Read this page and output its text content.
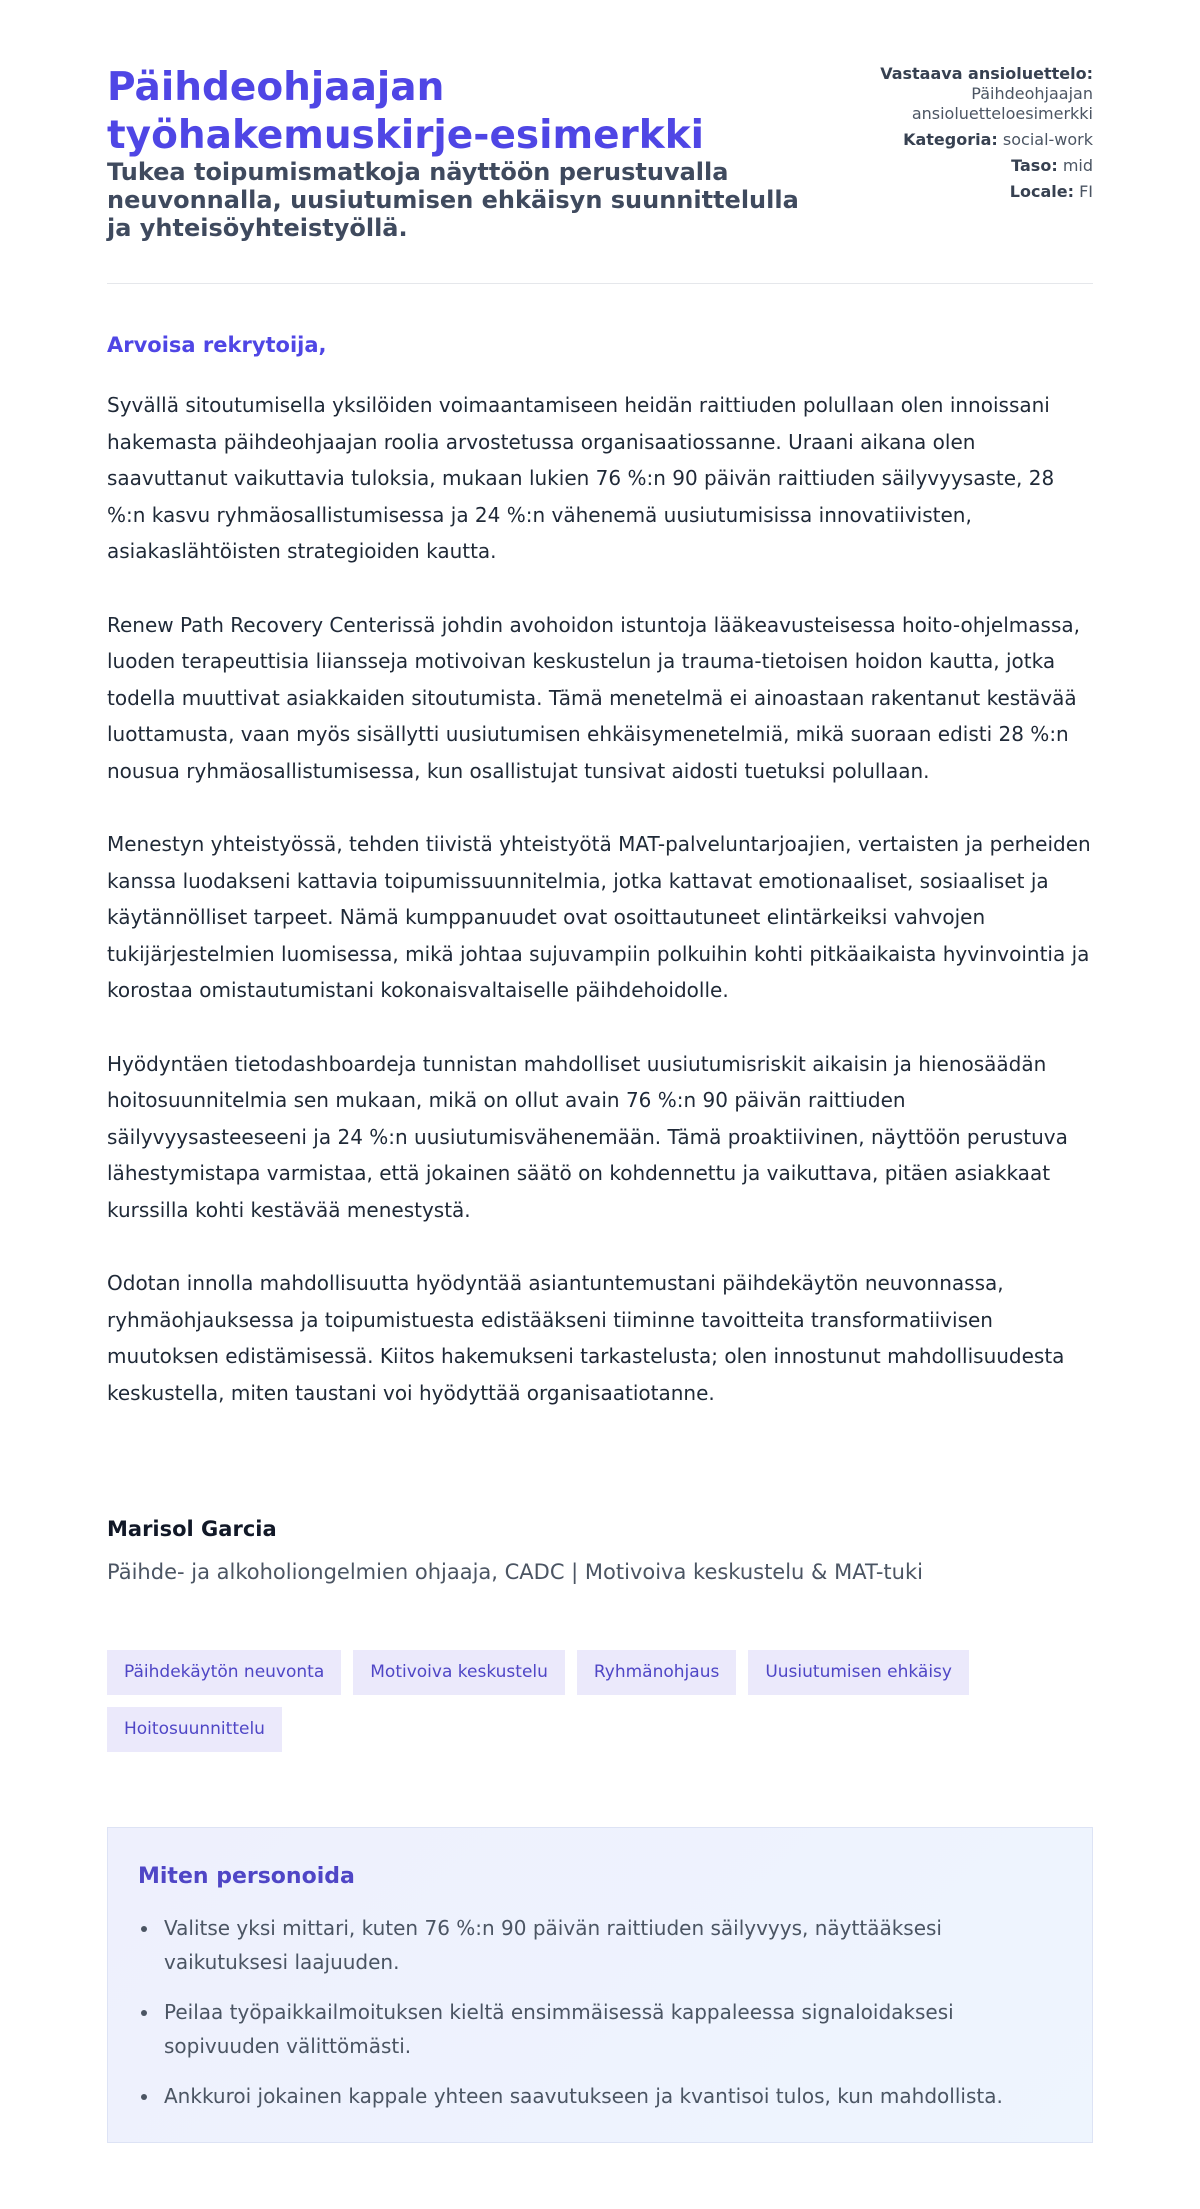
Päihdeohjaajan työhakemuskirje-esimerkki
Tukea toipumismatkoja näyttöön perustuvalla neuvonnalla, uusiutumisen ehkäisyn suunnittelulla ja yhteisöyhteistyöllä.
Vastaava ansioluettelo:
Päihdeohjaajan ansioluetteloesimerkki
Kategoria: social-work
Taso: mid
Locale: FI
Arvoisa rekrytoija,

Syvällä sitoutumisella yksilöiden voimaantamiseen heidän raittiuden polullaan olen innoissani hakemasta päihdeohjaajan roolia arvostetussa organisaatiossanne. Uraani aikana olen saavuttanut vaikuttavia tuloksia, mukaan lukien 76 %:n 90 päivän raittiuden säilyvyysaste, 28 %:n kasvu ryhmäosallistumisessa ja 24 %:n vähenemä uusiutumisissa innovatiivisten, asiakaslähtöisten strategioiden kautta.

Renew Path Recovery Centerissä johdin avohoidon istuntoja lääkeavusteisessa hoito-ohjelmassa, luoden terapeuttisia liiansseja motivoivan keskustelun ja trauma-tietoisen hoidon kautta, jotka todella muuttivat asiakkaiden sitoutumista. Tämä menetelmä ei ainoastaan rakentanut kestävää luottamusta, vaan myös sisällytti uusiutumisen ehkäisymenetelmiä, mikä suoraan edisti 28 %:n nousua ryhmäosallistumisessa, kun osallistujat tunsivat aidosti tuetuksi polullaan.

Menestyn yhteistyössä, tehden tiivistä yhteistyötä MAT-palveluntarjoajien, vertaisten ja perheiden kanssa luodakseni kattavia toipumissuunnitelmia, jotka kattavat emotionaaliset, sosiaaliset ja käytännölliset tarpeet. Nämä kumppanuudet ovat osoittautuneet elintärkeiksi vahvojen tukijärjestelmien luomisessa, mikä johtaa sujuvampiin polkuihin kohti pitkäaikaista hyvinvointia ja korostaa omistautumistani kokonaisvaltaiselle päihdehoidolle.

Hyödyntäen tietodashboardeja tunnistan mahdolliset uusiutumisriskit aikaisin ja hienosäädän hoitosuunnitelmia sen mukaan, mikä on ollut avain 76 %:n 90 päivän raittiuden säilyvyysasteeseeni ja 24 %:n uusiutumisvähenemään. Tämä proaktiivinen, näyttöön perustuva lähestymistapa varmistaa, että jokainen säätö on kohdennettu ja vaikuttava, pitäen asiakkaat kurssilla kohti kestävää menestystä.

Odotan innolla mahdollisuutta hyödyntää asiantuntemustani päihdekäytön neuvonnassa, ryhmäohjauksessa ja toipumistuesta edistääkseni tiiminne tavoitteita transformatiivisen muutoksen edistämisessä. Kiitos hakemukseni tarkastelusta; olen innostunut mahdollisuudesta keskustella, miten taustani voi hyödyttää organisaatiotanne.

Marisol Garcia
Päihde- ja alkoholiongelmien ohjaaja, CADC | Motivoiva keskustelu & MAT-tuki
Päihdekäytön neuvonta	Motivoiva keskustelu	Ryhmänohjaus	Uusiutumisen ehkäisy
Hoitosuunnittelu
Miten personoida
Valitse yksi mittari, kuten 76 %:n 90 päivän raittiuden säilyvyys, näyttääksesi vaikutuksesi laajuuden.
Peilaa työpaikkailmoituksen kieltä ensimmäisessä kappaleessa signaloidaksesi sopivuuden välittömästi.
Ankkuroi jokainen kappale yhteen saavutukseen ja kvantisoi tulos, kun mahdollista.
